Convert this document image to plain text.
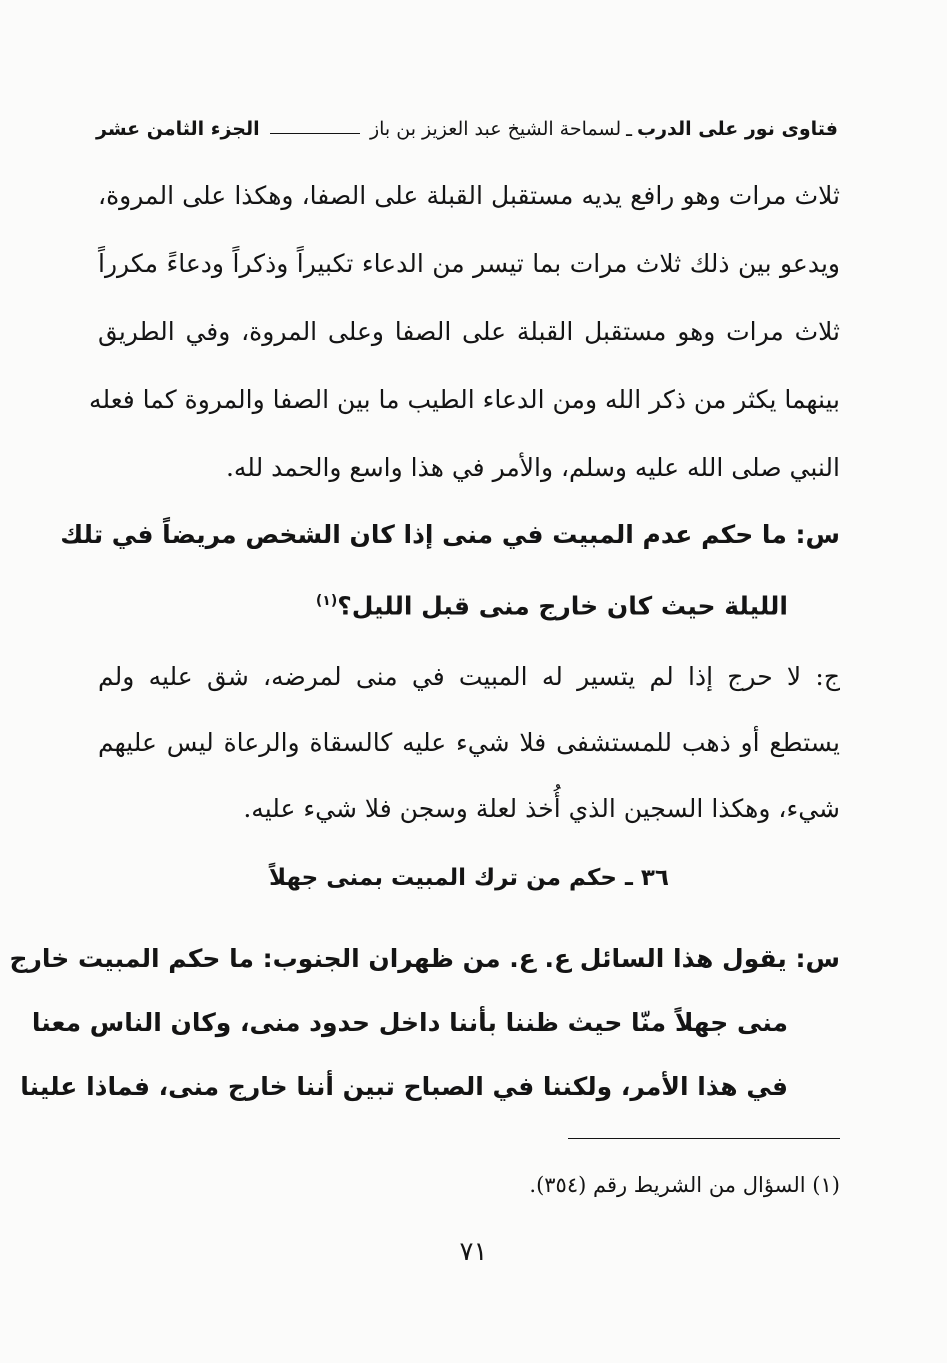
فتاوى نور على الدرب
ـ
لسماحة الشيخ عبد العزيز بن باز
الجزء الثامن عشر
ثلاث مرات وهو رافع يديه مستقبل القبلة على الصفا، وهكذا على المروة،
ويدعو بين ذلك ثلاث مرات بما تيسر من الدعاء تكبيراً وذكراً ودعاءً مكرراً
ثلاث مرات وهو مستقبل القبلة على الصفا وعلى المروة، وفي الطريق
بينهما يكثر من ذكر الله ومن الدعاء الطيب ما بين الصفا والمروة كما فعله
النبي صلى الله عليه وسلم، والأمر في هذا واسع والحمد لله.
س: ما حكم عدم المبيت في منى إذا كان الشخص مريضاً في تلك
الليلة حيث كان خارج منى قبل الليل؟$^{(١)}$
ج: لا حرج إذا لم يتسير له المبيت في منى لمرضه، شق عليه ولم
يستطع أو ذهب للمستشفى فلا شيء عليه كالسقاة والرعاة ليس عليهم
شيء، وهكذا السجين الذي أُخذ لعلة وسجن فلا شيء عليه.
٣٦ ـ حكم من ترك المبيت بمنى جهلاً
س: يقول هذا السائل ع. ع. من ظهران الجنوب: ما حكم المبيت خارج
منى جهلاً منّا حيث ظننا بأننا داخل حدود منى، وكان الناس معنا
في هذا الأمر، ولكننا في الصباح تبين أننا خارج منى، فماذا علينا
(١) السؤال من الشريط رقم (٣٥٤).
٧١
